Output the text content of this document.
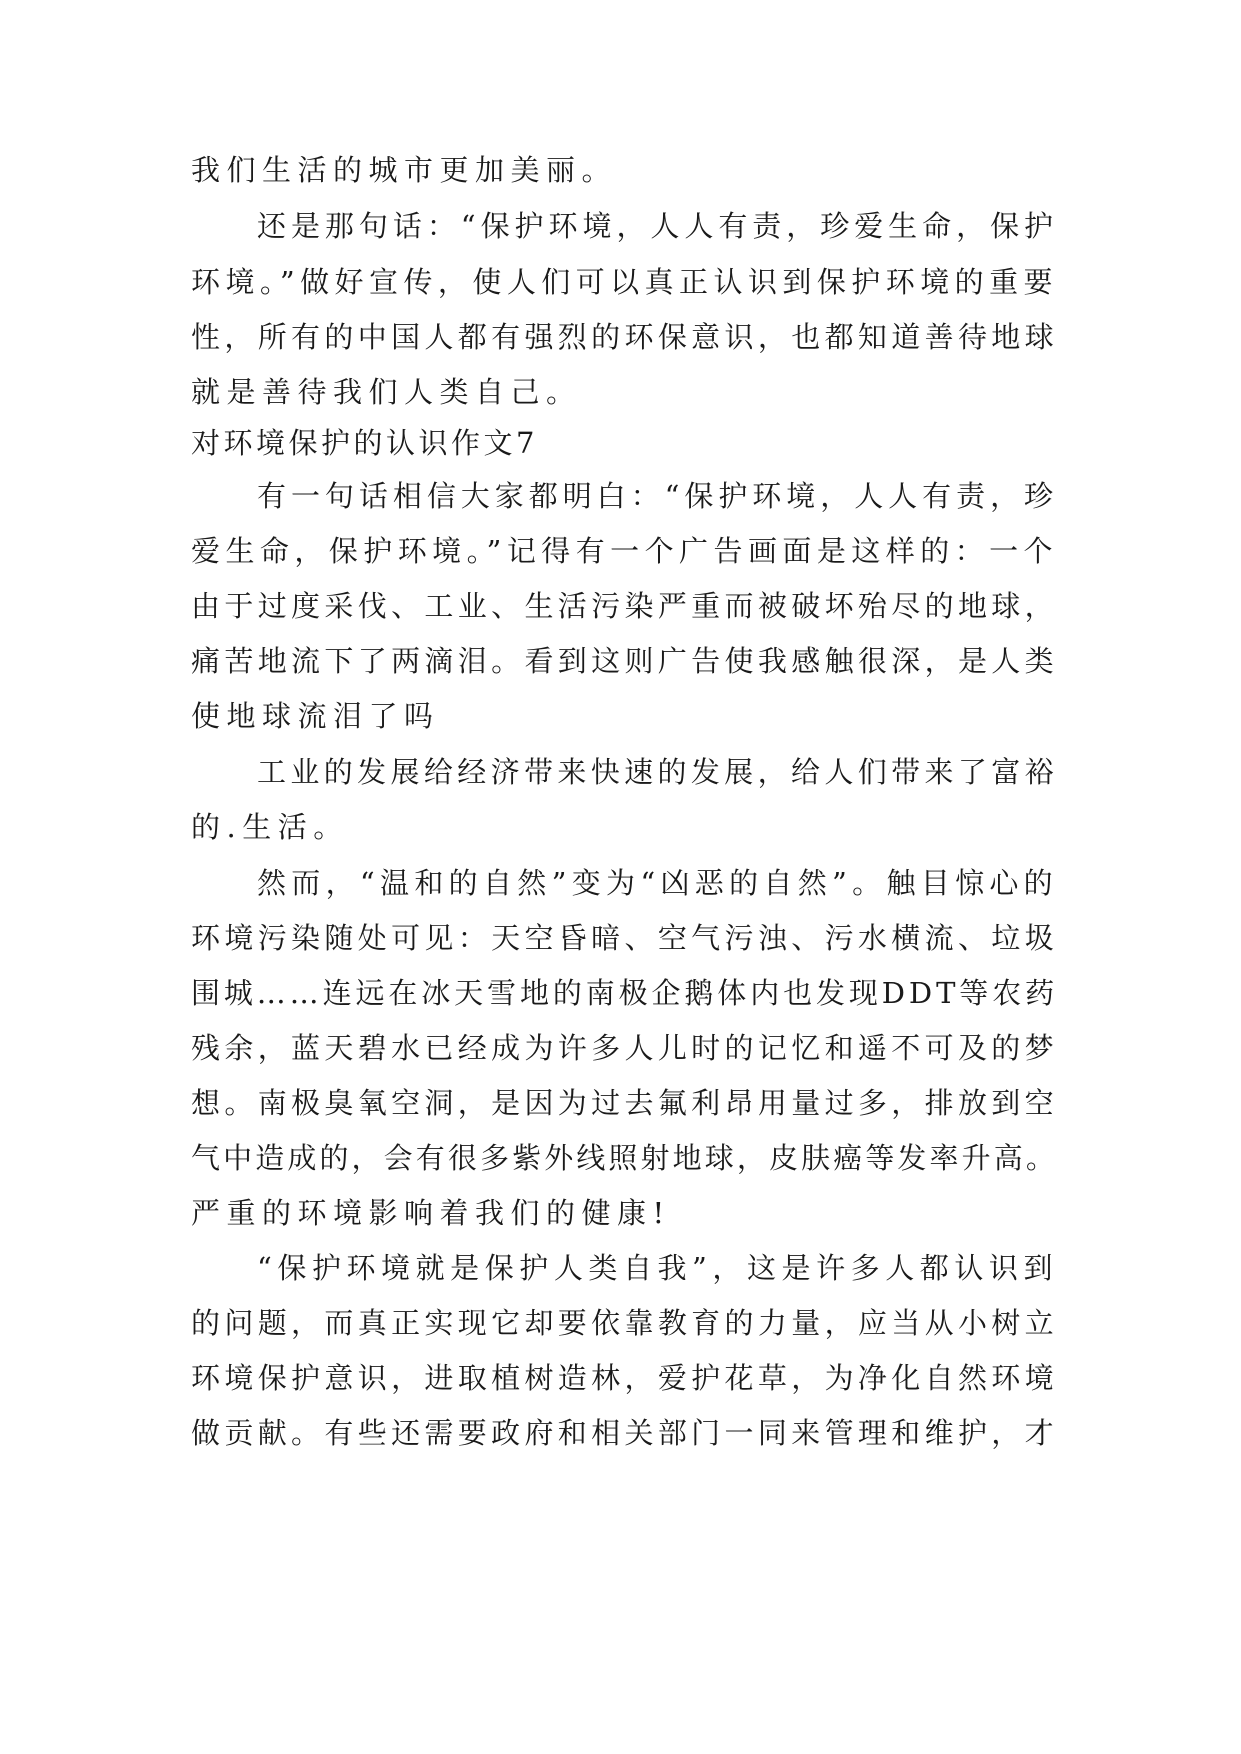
我们生活的城市更加美丽。
还是那句话：“保护环境，人人有责，珍爱生命，保护
环境。”做好宣传，使人们可以真正认识到保护环境的重要
性，所有的中国人都有强烈的环保意识，也都知道善待地球
就是善待我们人类自己。
对环境保护的认识作文7
有一句话相信大家都明白：“保护环境，人人有责，珍
爱生命，保护环境。”记得有一个广告画面是这样的：一个
由于过度采伐、工业、生活污染严重而被破坏殆尽的地球，
痛苦地流下了两滴泪。看到这则广告使我感触很深，是人类
使地球流泪了吗
工业的发展给经济带来快速的发展，给人们带来了富裕
的.生活。
然而，“温和的自然”变为“凶恶的自然”。触目惊心的
环境污染随处可见：天空昏暗、空气污浊、污水横流、垃圾
围城……连远在冰天雪地的南极企鹅体内也发现DDT等农药
残余，蓝天碧水已经成为许多人儿时的记忆和遥不可及的梦
想。南极臭氧空洞，是因为过去氟利昂用量过多，排放到空
气中造成的，会有很多紫外线照射地球，皮肤癌等发率升高。
严重的环境影响着我们的健康!
“保护环境就是保护人类自我”，这是许多人都认识到
的问题，而真正实现它却要依靠教育的力量，应当从小树立
环境保护意识，进取植树造林，爱护花草，为净化自然环境
做贡献。有些还需要政府和相关部门一同来管理和维护，才
